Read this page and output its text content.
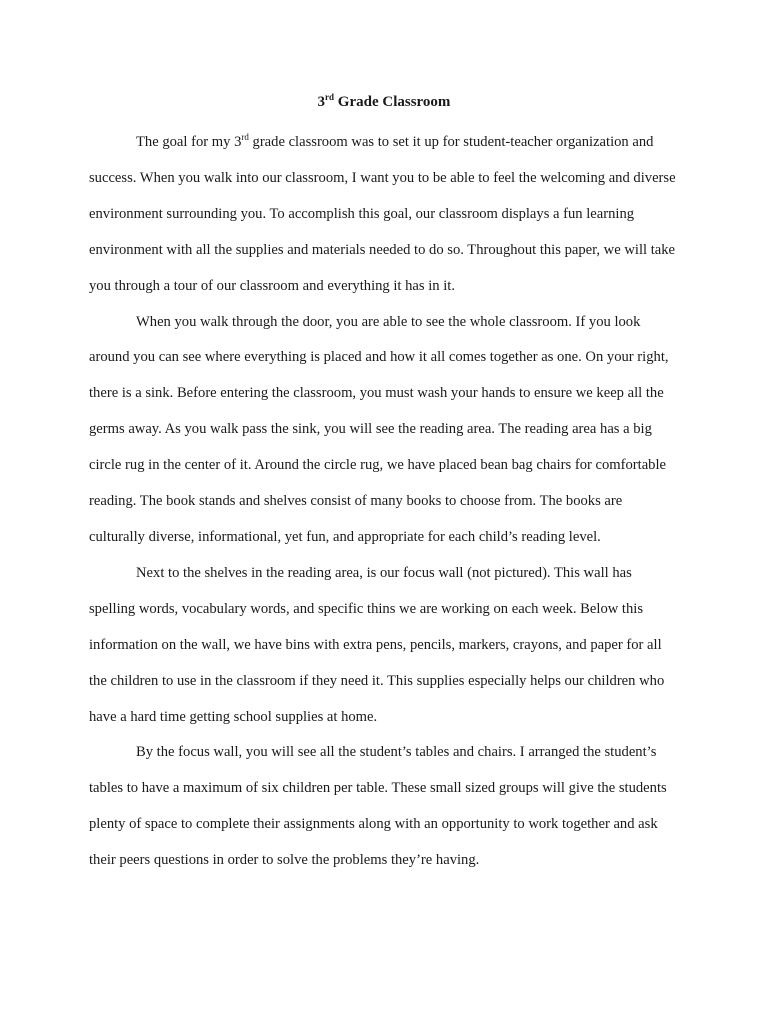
3rd Grade Classroom

The goal for my 3rd grade classroom was to set it up for student-teacher organization and success. When you walk into our classroom, I want you to be able to feel the welcoming and diverse environment surrounding you. To accomplish this goal, our classroom displays a fun learning environment with all the supplies and materials needed to do so. Throughout this paper, we will take you through a tour of our classroom and everything it has in it.

When you walk through the door, you are able to see the whole classroom. If you look around you can see where everything is placed and how it all comes together as one. On your right, there is a sink. Before entering the classroom, you must wash your hands to ensure we keep all the germs away. As you walk pass the sink, you will see the reading area. The reading area has a big circle rug in the center of it. Around the circle rug, we have placed bean bag chairs for comfortable reading. The book stands and shelves consist of many books to choose from. The books are culturally diverse, informational, yet fun, and appropriate for each child’s reading level.

Next to the shelves in the reading area, is our focus wall (not pictured). This wall has spelling words, vocabulary words, and specific thins we are working on each week. Below this information on the wall, we have bins with extra pens, pencils, markers, crayons, and paper for all the children to use in the classroom if they need it. This supplies especially helps our children who have a hard time getting school supplies at home.

By the focus wall, you will see all the student’s tables and chairs. I arranged the student’s tables to have a maximum of six children per table. These small sized groups will give the students plenty of space to complete their assignments along with an opportunity to work together and ask their peers questions in order to solve the problems they’re having.
